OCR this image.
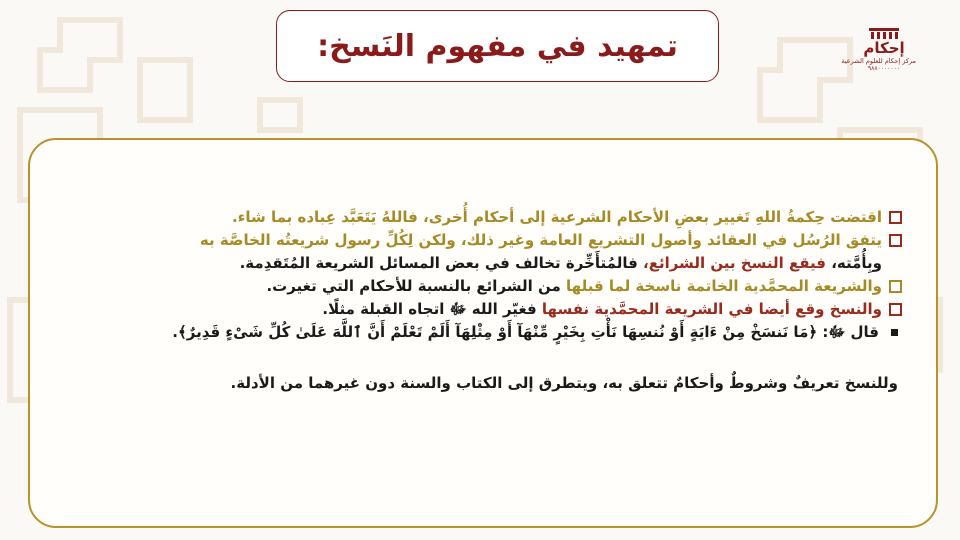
تمهيد في مفهوم النَسخ:	إحكام
مركز إحكام للعلوم الشرعية
٩٨٨٠٠٠٠٠٠٠
اقتضت حِكمةُ اللهِ تَغيير بعضِ الأحكام الشرعية إلى أحكام أُخرى، فاللهُ يَتَعَبَّد عِباده بما شاء.
يتفق الرُسُل في العقائد وأصول التشريع العامة وغير ذلك، ولكن لِكُلِّ رسول شريعتُه الخاصَّة به
وبِأُمَّته، فيقع النسخ بين الشرائع، فالمُتأَخِّرة تخالف في بعض المسائل الشريعة المُتَقدِمة.
والشريعة المحمَّدية الخاتمة ناسخة لما قبلها من الشرائع بالنسبة للأحكام التي تغيرت.
والنسخ وقع أيضا في الشريعة المحمَّدية نفسها فغيّر الله ﷻ اتجاه القبلة مثلًا.
قال ﷻ: ﴿مَا نَنسَخْ مِنْ ءَايَةٍ أَوْ نُنسِهَا نَأْتِ بِخَيْرٍ مِّنْهَآ أَوْ مِثْلِهَآ أَلَمْ تَعْلَمْ أَنَّ ٱللَّهَ عَلَىٰ كُلِّ شَىْءٍ قَدِيرٌ﴾.
وللنسخ تعريفٌ وشروطٌ وأحكامٌ تتعلق به، ويتطرق إلى الكتاب والسنة دون غيرهما من الأدلة.
